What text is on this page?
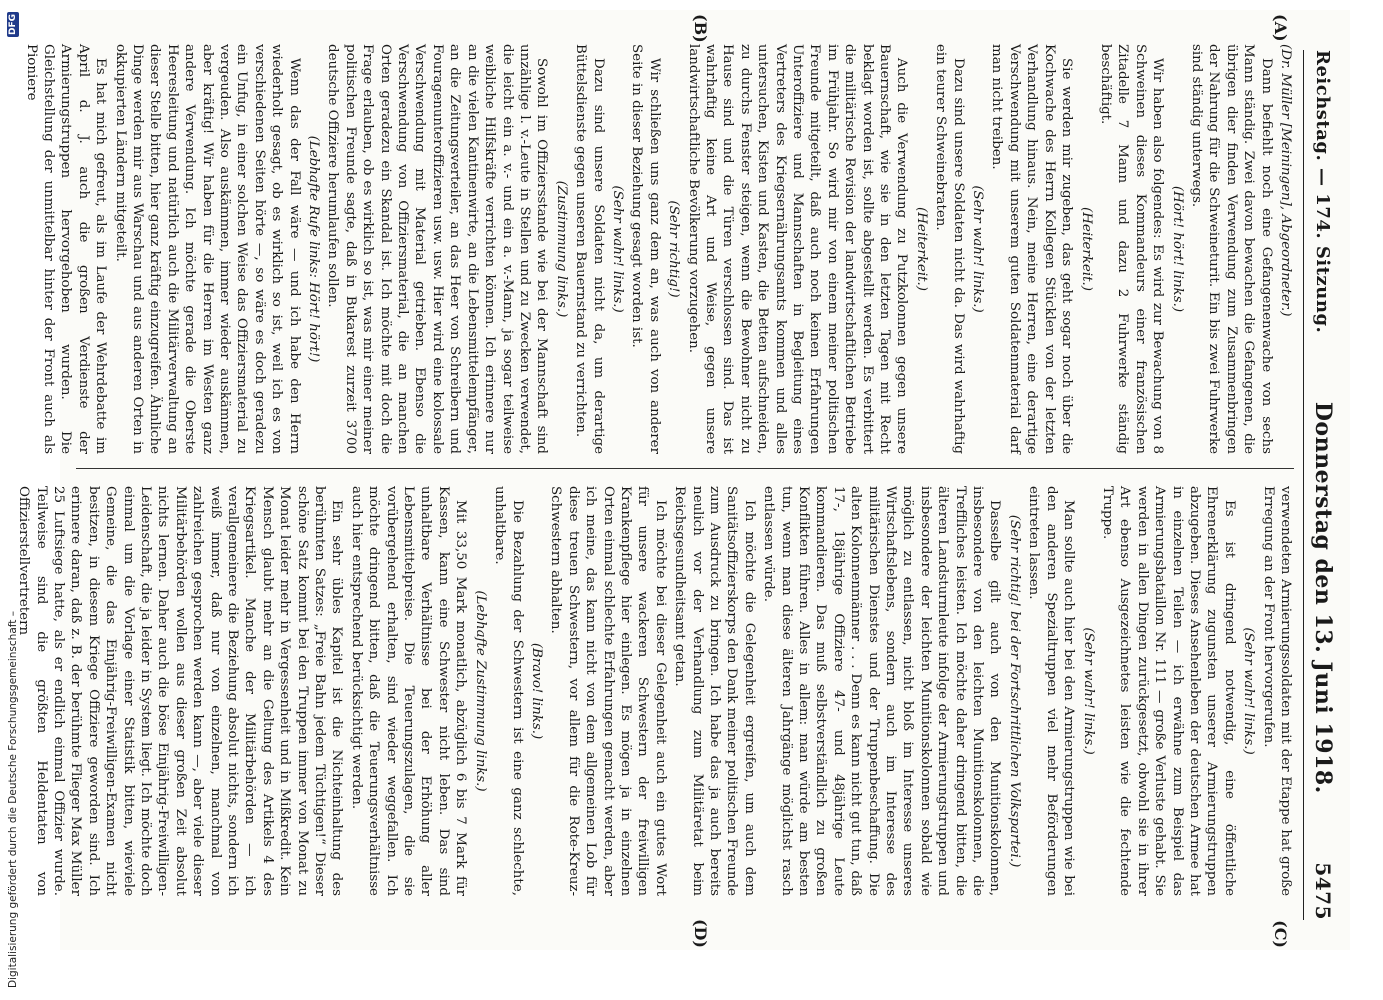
Digitalisierung gefördert durch die Deutsche Forschungsgemeinschaft –
DFG
Reichstag. — 174. Sitzung.
Donnerstag den 13. Juni 1918.
5475
(A)
(B)
(C)
(D)

(Dr. Müller [Meiningen], Abgeordneter.)

Dann befiehlt noch eine Gefangenenwache von sechs Mann ständig. Zwei davon bewachen die Gefangenen, die übrigen dier finden Verwendung zum Zusammenbringen der Nahrung für die Schweineturit. Ein bis zwei Fuhrwerke sind ständig unterwegs.

(Hört! hört! links.)

Wir haben also folgendes: Es wird zur Bewachung von 8 Schweinen dieses Kommandeurs einer französischen Zitadelle 7 Mann und dazu 2 Fuhrwerke ständig beschäftigt.

(Heiterkeit.)

Sie werden mir zugeben, das geht sogar noch über die Kochwache des Herrn Kollegen Stücklen von der letzten Verhandlung hinaus. Nein, meine Herren, eine derartige Verschwendung mit unserem guten Soldatenmaterial darf man nicht treiben.

(Sehr wahr! links.)

Dazu sind unsere Soldaten nicht da. Das wird wahrhaftig ein teurer Schweinebraten.

(Heiterkeit.)

Auch die Verwendung zu Putzkolonnen gegen unsere Bauernschaft, wie sie in den letzten Tagen mit Recht beklagt worden ist, sollte abgestellt werden. Es verbittert die militärische Revision der landwirtschaftlichen Betriebe im Frühjahr. So wird mir von einem meiner politischen Freunde mitgeteilt, daß auch noch keinen Erfahrungen Unteroffiziere und Mannschaften in Begleitung eines Vertreters des Kriegsernährungsamts kommen und alles untersuchen, Kisten und Kasten, die Betten aufschneiden, zu durchs Fenster steigen, wenn die Bewohner nicht zu Hause sind und die Türen verschlossen sind. Das ist wahrhaftig keine Art und Weise, gegen unsere landwirtschaftliche Bevölkerung vorzugehen.

(Sehr richtig!)

Wir schließen uns ganz dem an, was auch von anderer Seite in dieser Beziehung gesagt worden ist.

(Sehr wahr! links.)

Dazu sind unsere Soldaten nicht da, um derartige Büttelsdienste gegen unseren Bauernstand zu verrichten.

(Zustimmung links.)

Sowohl im Offiziersstande wie bei der Mannschaft sind unzählige l. v.-Leute in Stellen und zu Zwecken verwendet, die leicht ein a. v.- und ein a. v.-Mann, ja sogar teilweise weibliche Hilfskräfte verrichten können. Ich erinnere nur an die vielen Kantinenwirte, an die Lebensmittelempfänger, an die Zeitungsverteiler, an das Heer von Schreibern und Fouragenunteroffizieren usw. usw. Hier wird eine kolossale Verschwendung mit Material getrieben. Ebenso die Verschwendung von Offiziersmaterial, die an manchen Orten geradezu ein Skandal ist. Ich möchte mit doch die Frage erlauben, ob es wirklich so ist, was mir einer meiner politischen Freunde sagte, daß in Bukarest zurzeit 3700 deutsche Offiziere herumlaufen sollen.

(Lebhafte Rufe links: Hört! hört!)

Wenn das der Fall wäre — und ich habe den Herrn wiederholt gesagt, ob es wirklich so ist, weil ich es von verschiedenen Seiten hörte —, so wäre es doch geradezu ein Unfug, in einer solchen Weise das Offiziersmaterial zu vergeuden. Also auskämmen, immer wieder auskämmen, aber kräftig! Wir haben für die Herren im Westen ganz andere Verwendung. Ich möchte gerade die Oberste Heeresleitung und natürlich auch die Militärverwaltung an dieser Stelle bitten, hier ganz kräftig einzugreifen. Ähnliche Dinge werden mir aus Warschau und aus anderen Orten in okkupierten Ländern mitgeteilt.

Es hat mich gefreut, als im Laufe der Wehrdebatte im April d. J. auch die großen Verdienste der Armierungstruppen hervorgehoben wurden. Die Gleichstellung der unmittelbar hinter der Front auch als Pioniere

verwendeten Armierungssoldaten mit der Etappe hat große Erregung an der Front hervorgerufen.

(Sehr wahr! links.)

Es ist dringend notwendig, eine öffentliche Ehrenerklärung zugunsten unserer Armierungstruppen abzugeben. Dieses Ansehenleben der deutschen Armee hat in einzelnen Teilen — ich erwähne zum Beispiel das Armierungsbataillon Nr. 111 — große Verluste gehabt. Sie werden in allen Dingen zurückgesetzt, obwohl sie in ihrer Art ebenso Ausgezeichnetes leisten wie die fechtende Truppe.

(Sehr wahr! links.)

Man sollte auch hier bei den Armierungstruppen wie bei den anderen Spezialtruppen viel mehr Beförderungen eintreten lassen.

(Sehr richtig! bei der Fortschrittlichen Volkspartei.)

Dasselbe gilt auch von den Munitionskolonnen, insbesondere von den leichten Munitionskolonnen, die Treffliches leisten. Ich möchte daher dringend bitten, die älteren Landsturmleute infolge der Armierungstruppen und insbesondere der leichten Munitionskolonnen sobald wie möglich zu entlassen, nicht bloß im Interesse unseres Wirtschaftslebens, sondern auch im Interesse des militärischen Dienstes und der Truppenbeschaffung. Die alten Kolonnenmänner . . . Denn es kann nicht gut tun, daß 17-, 18jährige Offiziere 47- und 48jährige Leute kommandieren. Das muß selbstverständlich zu großen Konflikten führen. Alles in allem: man würde am besten tun, wenn man diese älteren Jahrgänge möglichst rasch entlassen würde.

Ich möchte die Gelegenheit ergreifen, um auch dem Sanitätsoffizierskorps den Dank meiner politischen Freunde zum Ausdruck zu bringen. Ich habe das ja auch bereits neulich vor der Verhandlung zum Militäretat beim Reichsgesundheitsamt getan.

Ich möchte bei dieser Gelegenheit auch ein gutes Wort für unsere wackeren Schwestern der freiwilligen Krankenpflege hier einlegen. Es mögen ja in einzelnen Orten einmal schlechte Erfahrungen gemacht werden, aber ich meine, das kann nicht von dem allgemeinen Lob für diese treuen Schwestern, vor allem für die Rote-Kreuz-Schwestern abhalten.

(Bravo! links.)

Die Bezahlung der Schwestern ist eine ganz schlechte, unhaltbare.

(Lebhafte Zustimmung links.)

Mit 33,50 Mark monatlich, abzüglich 6 bis 7 Mark für Kassen, kann eine Schwester nicht leben. Das sind unhaltbare Verhältnisse bei der Erhöhung aller Lebensmittelpreise. Die Teuerungszulagen, die sie vorübergehend erhalten, sind wieder weggefallen. Ich möchte dringend bitten, daß die Teuerungsverhältnisse auch hier entsprechend berücksichtigt werden.

Ein sehr übles Kapitel ist die Nichteinhaltung des berühmten Satzes: „Freie Bahn jedem Tüchtigen!“ Dieser schöne Satz kommt bei den Truppen immer von Monat zu Monat leider mehr in Vergessenheit und in Mißkredit. Kein Mensch glaubt mehr an die Geltung des Artikels 4 des Kriegsartikel. Manche der Militärbehörden — ich verallgemeinere die Beziehung absolut nichts, sondern ich weiß immer, daß nur von einzelnen, manchmal von zahlreichen gesprochen werden kann —, aber viele dieser Militärbehörden wollen aus dieser großen Zeit absolut nichts lernen. Daher auch die böse Einjährig-Freiwilligen-Leidenschaft, die ja leider in System liegt. Ich möchte doch einmal um die Vorlage einer Statistik bitten, wieviele Gemeine, die das Einjährig-Freiwilligen-Examen nicht besitzen, in diesem Kriege Offiziere geworden sind. Ich erinnere daran, daß z. B. der berühmte Flieger Max Müller 25 Luftsiege hatte, als er endlich einmal Offizier wurde. Teilweise sind die größten Heldentaten von Offizierstellvertretern
